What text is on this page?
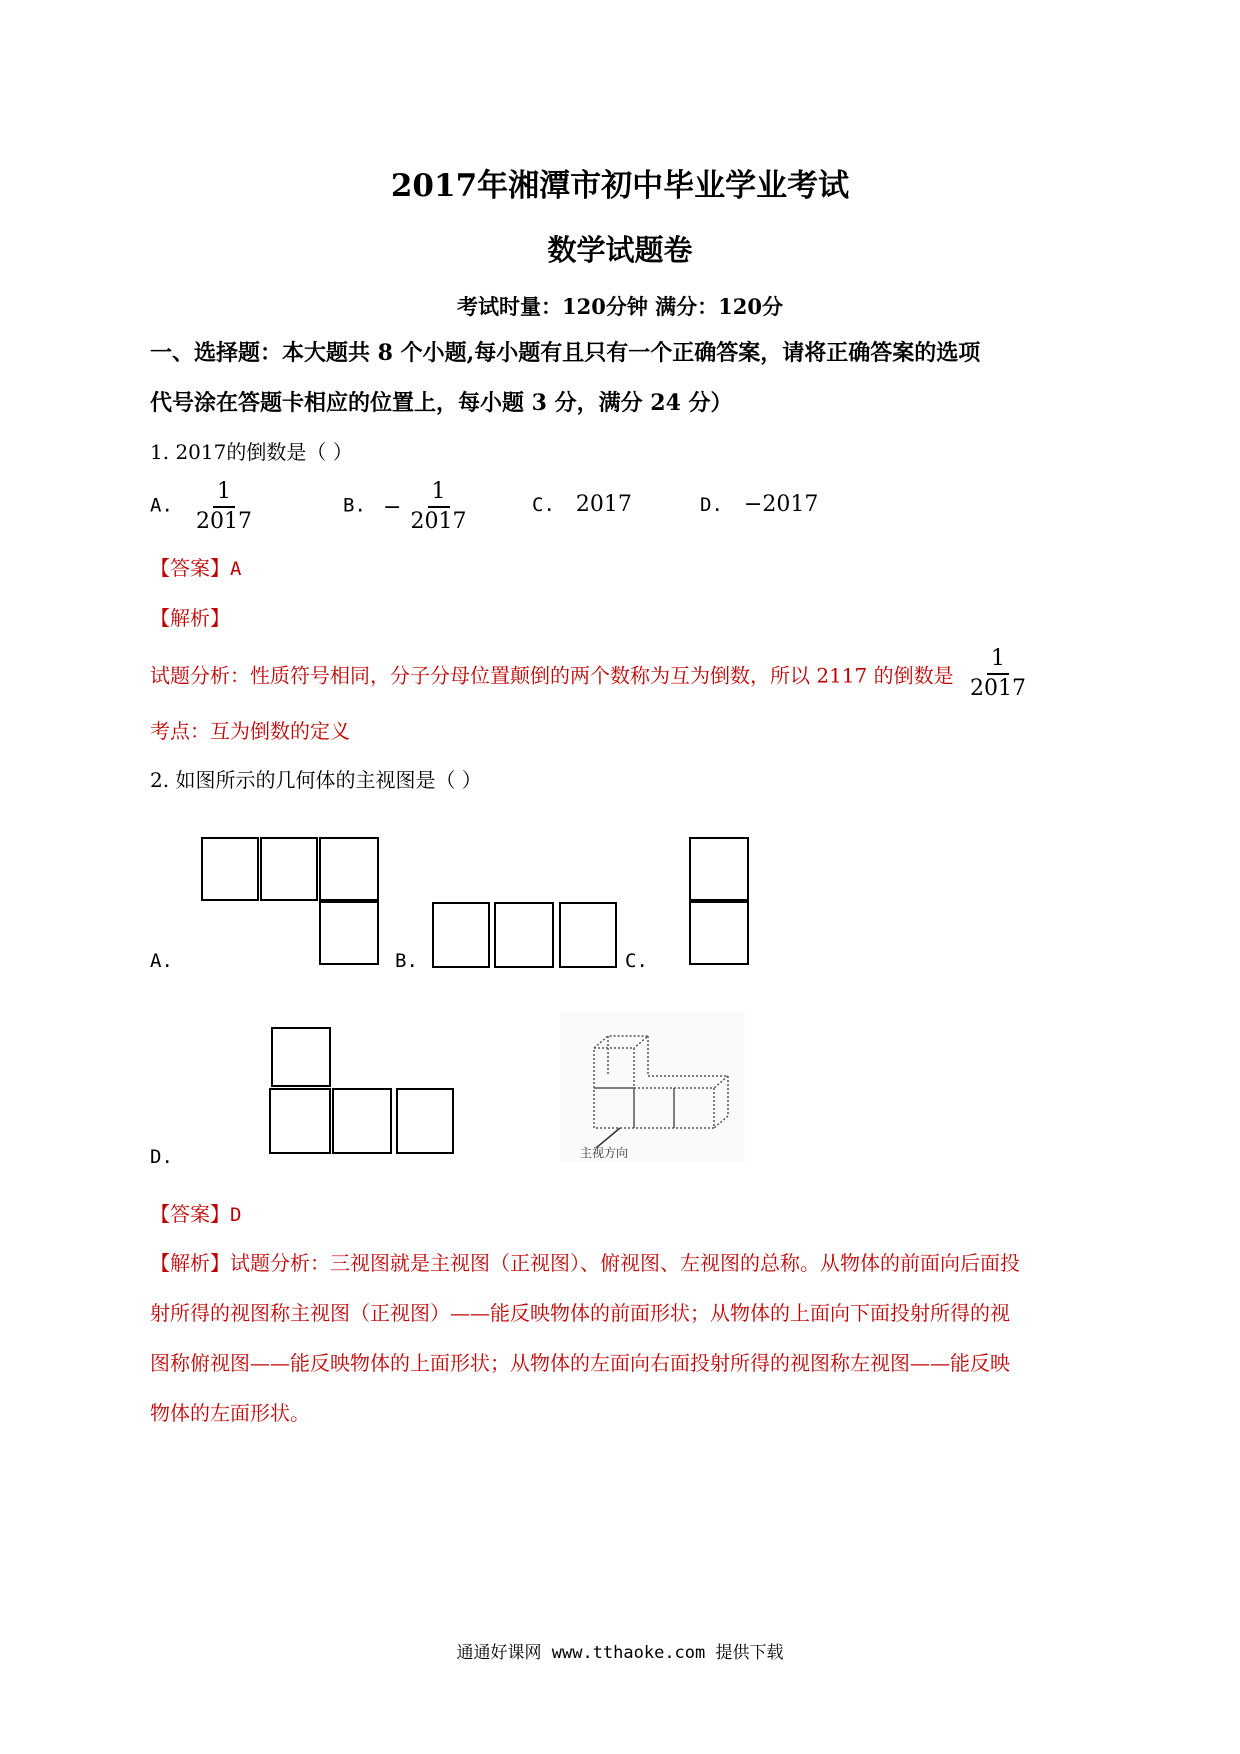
2017年湘潭市初中毕业学业考试
数学试题卷
考试时量：120分钟 满分：120分
一、选择题：本大题共 8 个小题,每小题有且只有一个正确答案，请将正确答案的选项
代号涂在答题卡相应的位置上，每小题 3 分，满分 24 分）
1. 2017的倒数是（ ）
A. $\frac{1}{2017}$	B. − $\frac{1}{2017}$	C. 2017	D. −2017
【答案】A
【解析】
试题分析：性质符号相同，分子分母位置颠倒的两个数称为互为倒数，所以 2117 的倒数是 $\frac{1}{2017}$
考点：互为倒数的定义
2. 如图所示的几何体的主视图是（ ）
A.	B.	C.
D.	主视方向
【答案】D
【解析】试题分析：三视图就是主视图（正视图）、俯视图、左视图的总称。从物体的前面向后面投
射所得的视图称主视图（正视图）——能反映物体的前面形状；从物体的上面向下面投射所得的视
图称俯视图——能反映物体的上面形状；从物体的左面向右面投射所得的视图称左视图——能反映
物体的左面形状。
通通好课网 www.tthaoke.com 提供下载
